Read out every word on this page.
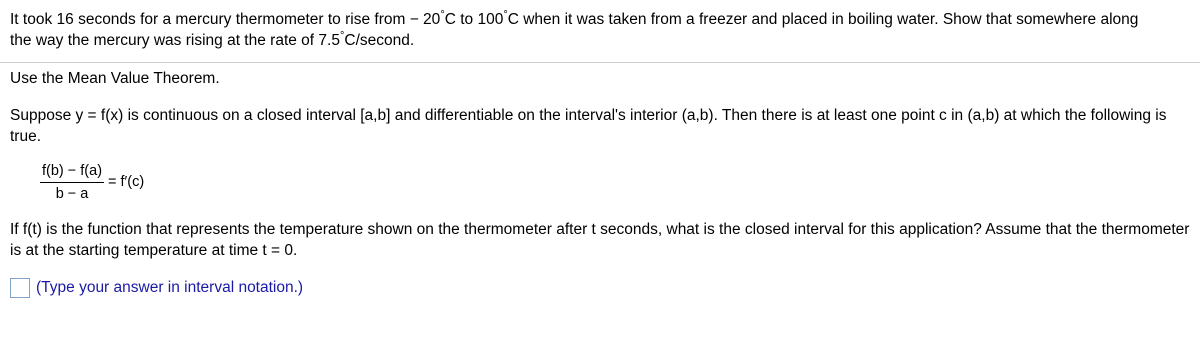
It took 16 seconds for a mercury thermometer to rise from − 20°C to 100°C when it was taken from a freezer and placed in boiling water. Show that somewhere along
the way the mercury was rising at the rate of 7.5°C/second.
Use the Mean Value Theorem.
Suppose y = f(x) is continuous on a closed interval [a,b] and differentiable on the interval's interior (a,b). Then there is at least one point c in (a,b) at which the following is true.
$\frac{f(b) - f(a)}{b - a} = f'(c)$
If f(t) is the function that represents the temperature shown on the thermometer after t seconds, what is the closed interval for this application? Assume that the thermometer is at the starting temperature at time t = 0.
(Type your answer in interval notation.)
